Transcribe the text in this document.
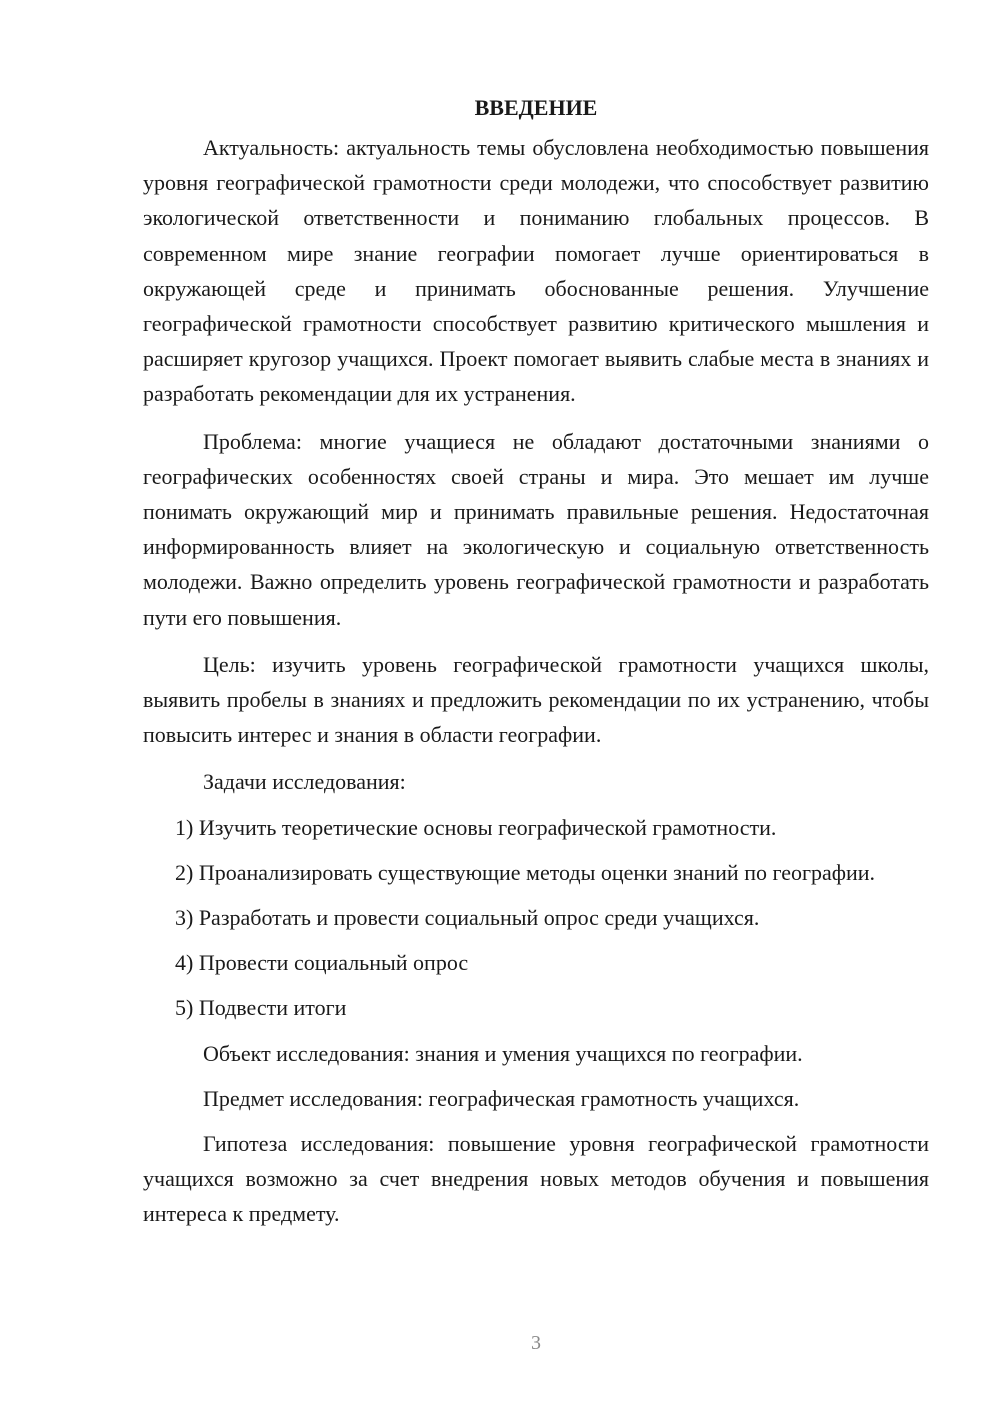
ВВЕДЕНИЕ

Актуальность: актуальность темы обусловлена необходимостью повышения уровня географической грамотности среди молодежи, что способствует развитию экологической ответственности и пониманию глобальных процессов. В современном мире знание географии помогает лучше ориентироваться в окружающей среде и принимать обоснованные решения. Улучшение географической грамотности способствует развитию критического мышления и расширяет кругозор учащихся. Проект помогает выявить слабые места в знаниях и разработать рекомендации для их устранения.

Проблема: многие учащиеся не обладают достаточными знаниями о географических особенностях своей страны и мира. Это мешает им лучше понимать окружающий мир и принимать правильные решения. Недостаточная информированность влияет на экологическую и социальную ответственность молодежи. Важно определить уровень географической грамотности и разработать пути его повышения.

Цель: изучить уровень географической грамотности учащихся школы, выявить пробелы в знаниях и предложить рекомендации по их устранению, чтобы повысить интерес и знания в области географии.

Задачи исследования:

1) Изучить теоретические основы географической грамотности.

2) Проанализировать существующие методы оценки знаний по географии.

3) Разработать и провести социальный опрос среди учащихся.

4) Провести социальный опрос

5) Подвести итоги

Объект исследования: знания и умения учащихся по географии.

Предмет исследования: географическая грамотность учащихся.

Гипотеза исследования: повышение уровня географической грамотности учащихся возможно за счет внедрения новых методов обучения и повышения интереса к предмету.

3
